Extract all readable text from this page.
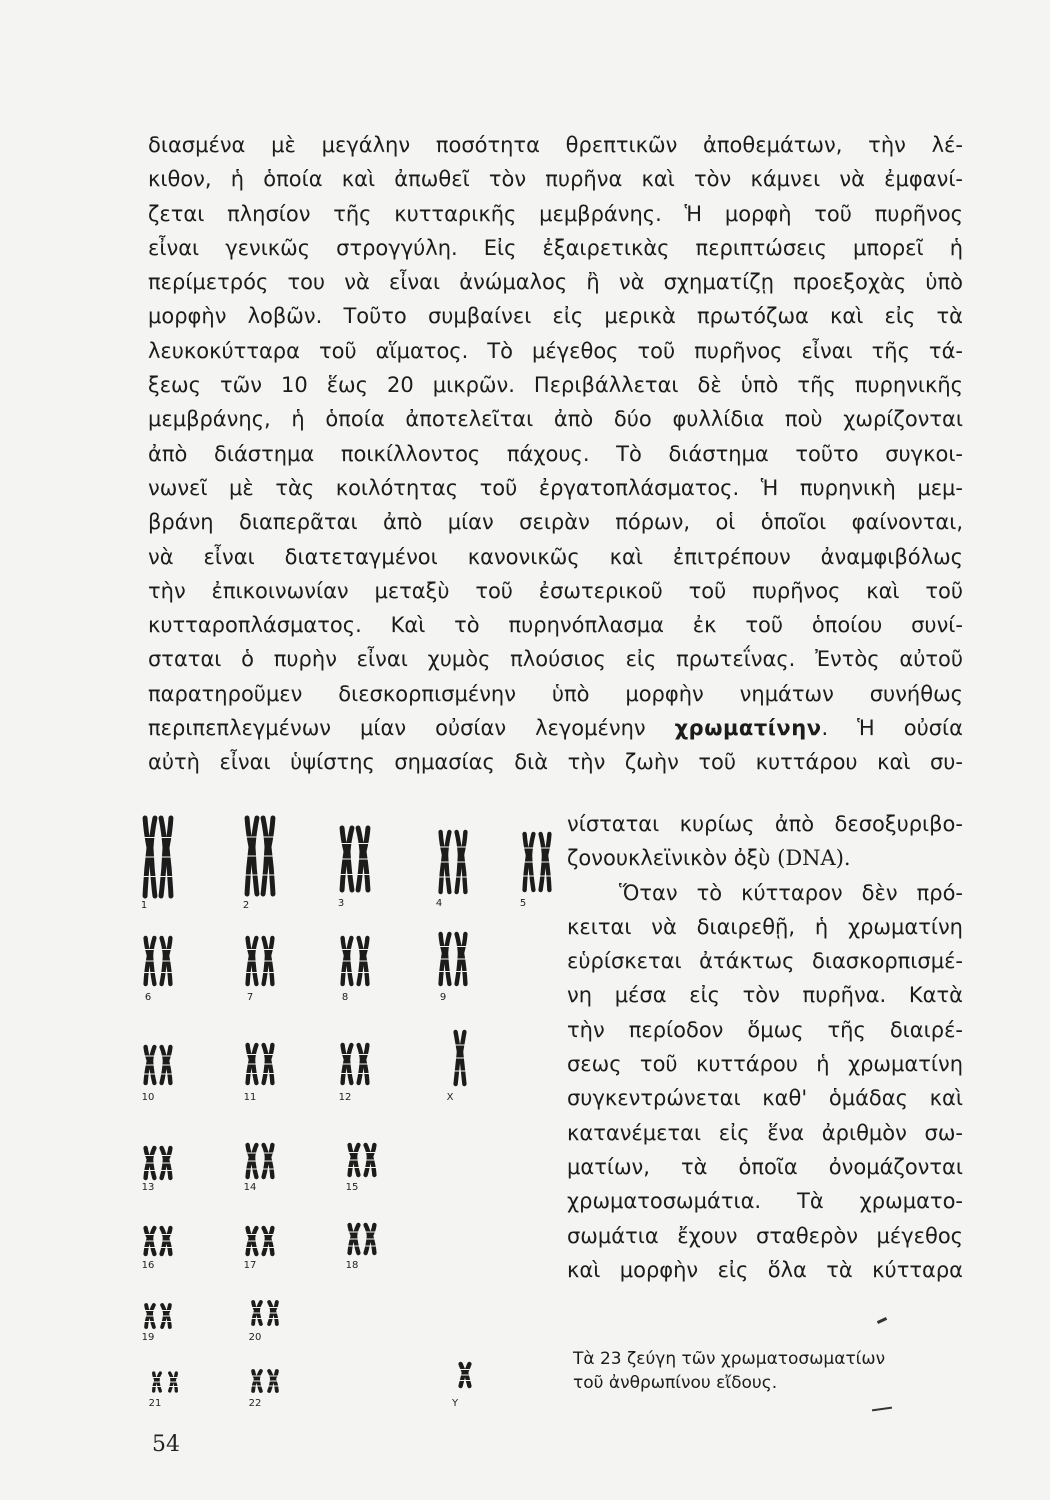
διασμένα μὲ μεγάλην ποσότητα θρεπτικῶν ἀποθεμάτων, τὴν λέ-
κιθον, ἡ ὁποία καὶ ἀπωθεῖ τὸν πυρῆνα καὶ τὸν κάμνει νὰ ἐμφανί-
ζεται πλησίον τῆς κυτταρικῆς μεμβράνης. Ἡ μορφὴ τοῦ πυρῆνος
εἶναι γενικῶς στρογγύλη. Εἰς ἐξαιρετικὰς περιπτώσεις μπορεῖ ἡ
περίμετρός του νὰ εἶναι ἀνώμαλος ἢ νὰ σχηματίζῃ προεξοχὰς ὑπὸ
μορφὴν λοβῶν. Τοῦτο συμβαίνει εἰς μερικὰ πρωτόζωα καὶ εἰς τὰ
λευκοκύτταρα τοῦ αἵματος. Τὸ μέγεθος τοῦ πυρῆνος εἶναι τῆς τά-
ξεως τῶν 10 ἕως 20 μικρῶν. Περιβάλλεται δὲ ὑπὸ τῆς πυρηνικῆς
μεμβράνης, ἡ ὁποία ἀποτελεῖται ἀπὸ δύο φυλλίδια ποὺ χωρίζονται
ἀπὸ διάστημα ποικίλλοντος πάχους. Τὸ διάστημα τοῦτο συγκοι-
νωνεῖ μὲ τὰς κοιλότητας τοῦ ἐργατοπλάσματος. Ἡ πυρηνικὴ μεμ-
βράνη διαπερᾶται ἀπὸ μίαν σειρὰν πόρων, οἱ ὁποῖοι φαίνονται,
νὰ εἶναι διατεταγμένοι κανονικῶς καὶ ἐπιτρέπουν ἀναμφιβόλως
τὴν ἐπικοινωνίαν μεταξὺ τοῦ ἐσωτερικοῦ τοῦ πυρῆνος καὶ τοῦ
κυτταροπλάσματος. Καὶ τὸ πυρηνόπλασμα ἐκ τοῦ ὁποίου συνί-
σταται ὁ πυρὴν εἶναι χυμὸς πλούσιος εἰς πρωτεΐνας. Ἐντὸς αὐτοῦ
παρατηροῦμεν διεσκορπισμένην ὑπὸ μορφὴν νημάτων συνήθως
περιπεπλεγμένων μίαν οὐσίαν λεγομένην χρωματίνην. Ἡ οὐσία
αὐτὴ εἶναι ὑψίστης σημασίας διὰ τὴν ζωὴν τοῦ κυττάρου καὶ συ-
νίσταται κυρίως ἀπὸ δεσοξυριβο-
ζονουκλεϊνικὸν ὀξὺ (DNA).
Ὅταν τὸ κύτταρον δὲν πρό-
κειται νὰ διαιρεθῇ, ἡ χρωματίνη
εὑρίσκεται ἀτάκτως διασκορπισμέ-
νη μέσα εἰς τὸν πυρῆνα. Κατὰ
τὴν περίοδον ὅμως τῆς διαιρέ-
σεως τοῦ κυττάρου ἡ χρωματίνη
συγκεντρώνεται καθ' ὁμάδας καὶ
κατανέμεται εἰς ἕνα ἀριθμὸν σω-
ματίων, τὰ ὁποῖα ὀνομάζονται
χρωματοσωμάτια. Τὰ χρωματο-
σωμάτια ἔχουν σταθερὸν μέγεθος
καὶ μορφὴν εἰς ὅλα τὰ κύτταρα
1	2	3	4	5
6	7	8	9
10	11	12	X
13	14	15
16	17	18
19	20
21	22	Y
Τὰ 23 ζεύγη τῶν χρωματοσωματίων
τοῦ ἀνθρωπίνου εἴδους.
54
